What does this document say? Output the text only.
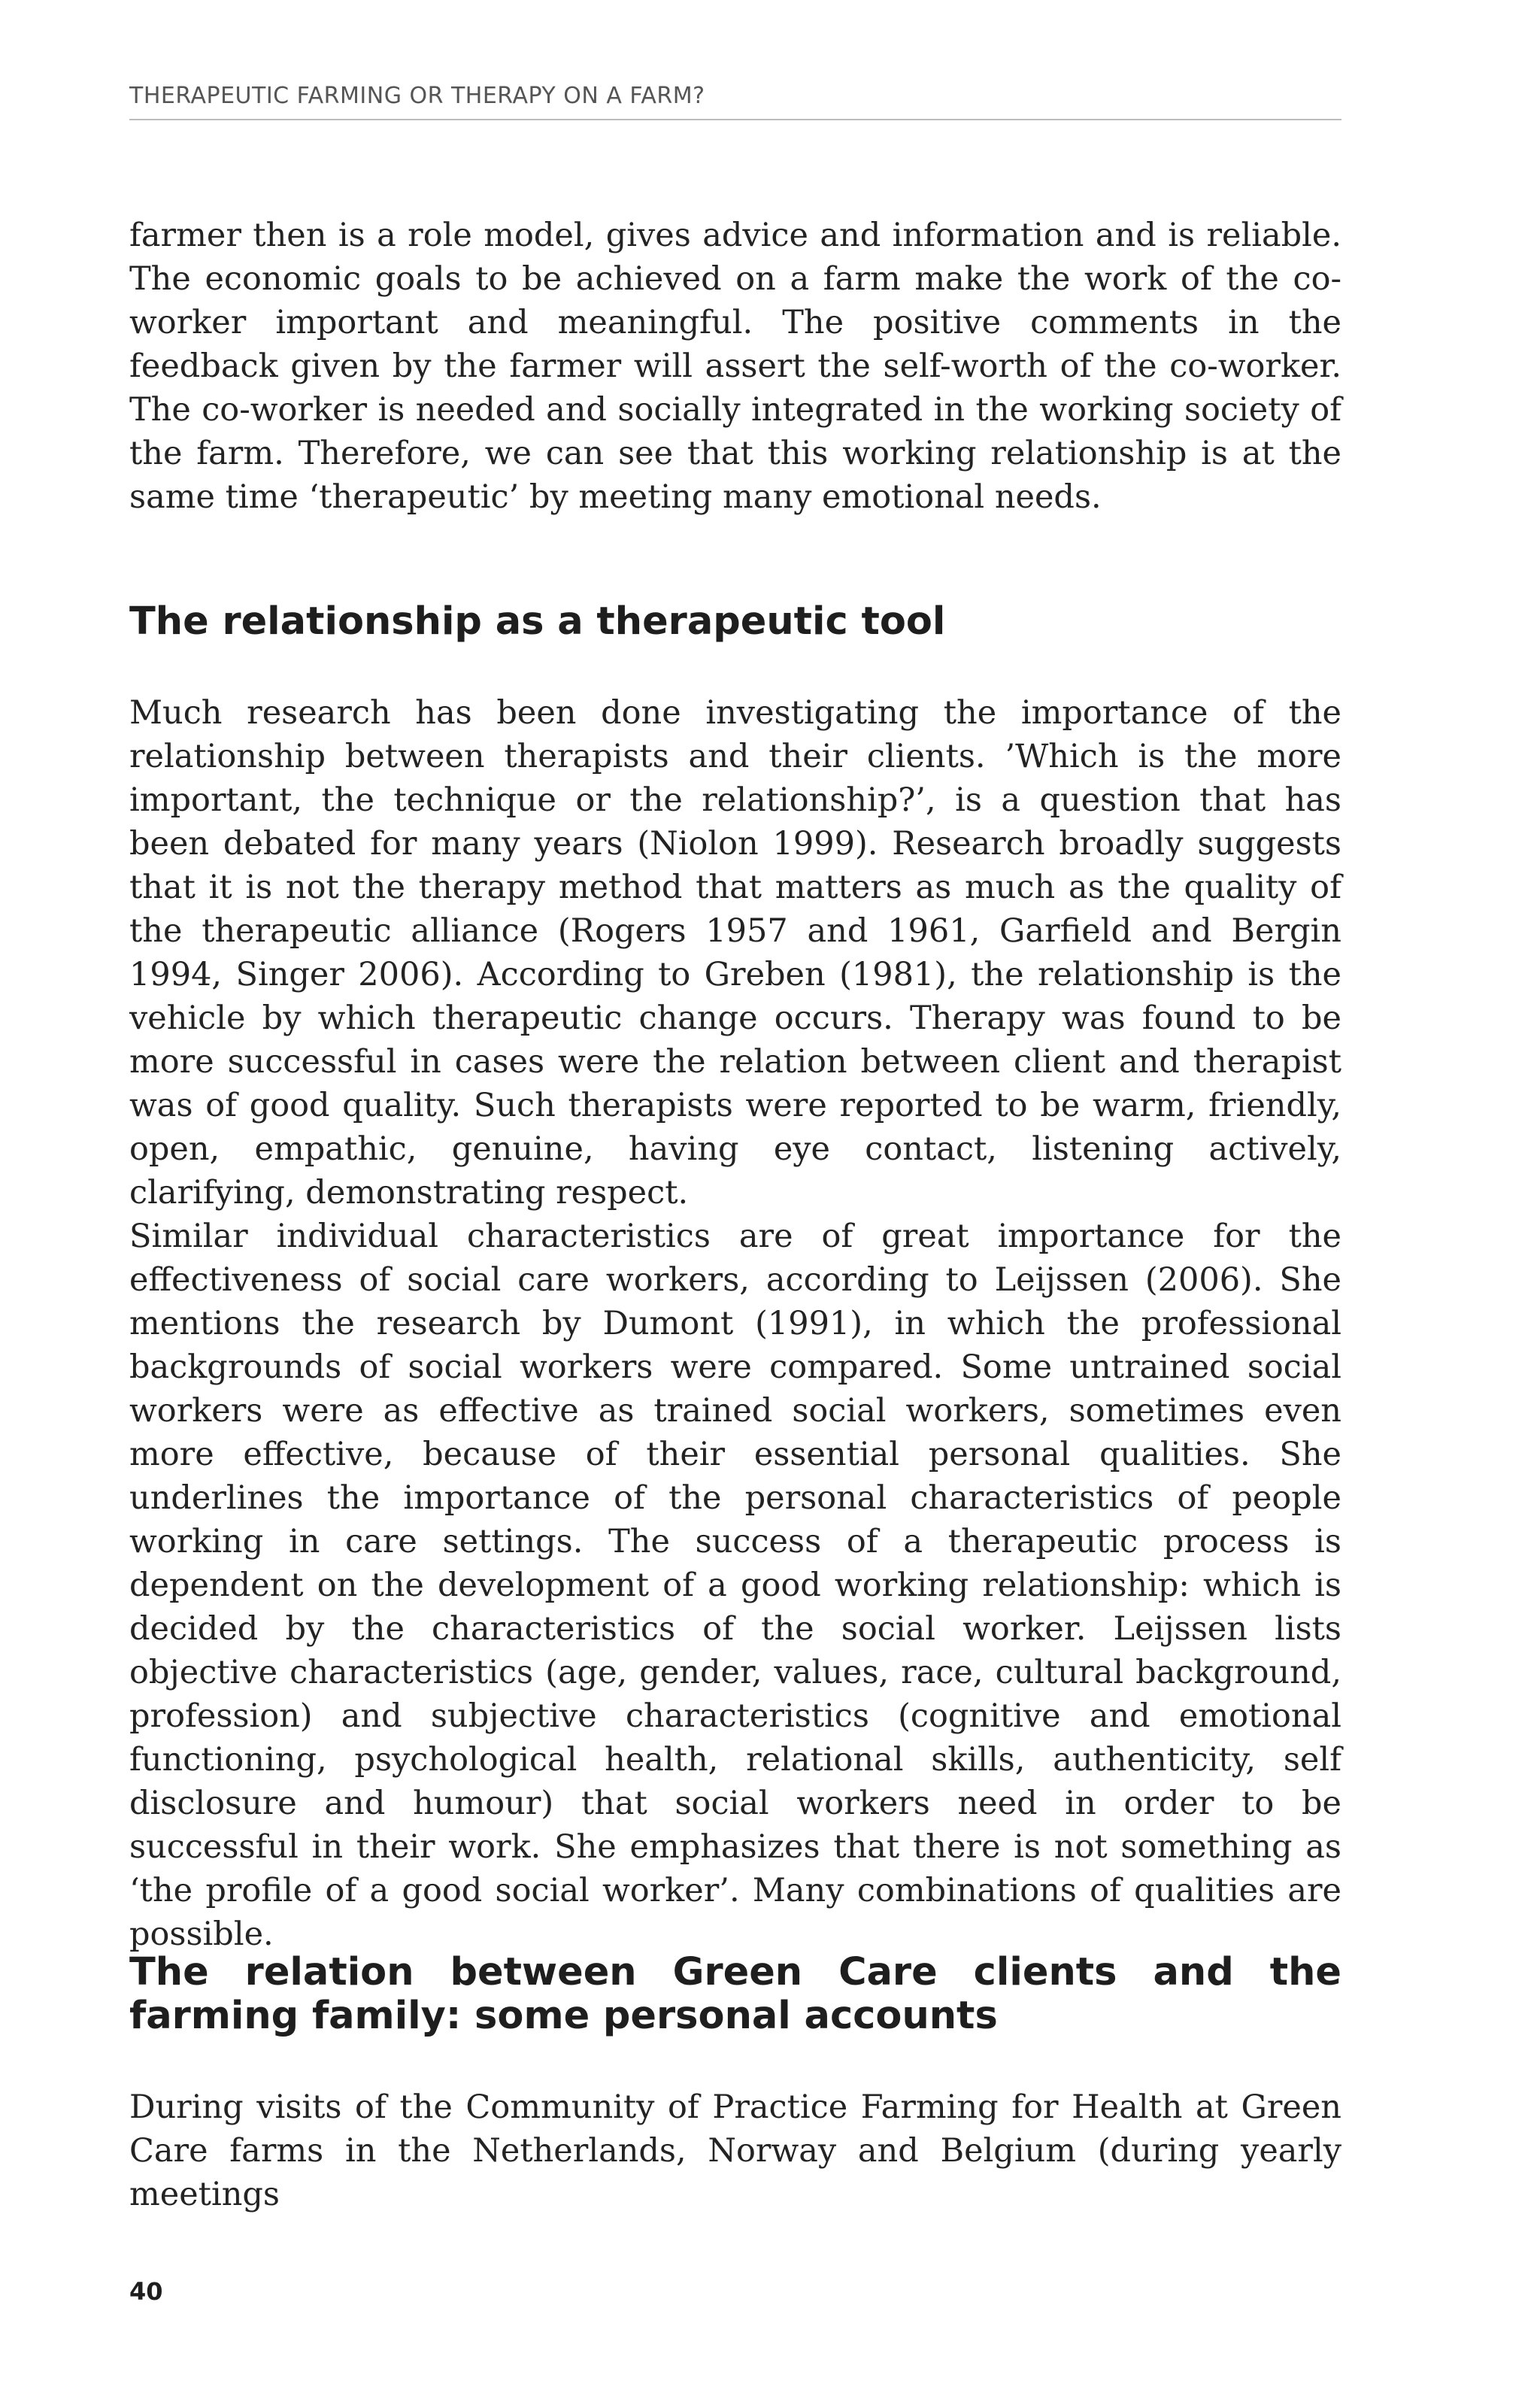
THERAPEUTIC FARMING OR THERAPY ON A FARM?

farmer then is a role model, gives advice and information and is reliable. The economic goals to be achieved on a farm make the work of the co-worker important and meaningful. The positive comments in the feedback given by the farmer will assert the self-worth of the co-worker. The co-worker is needed and socially integrated in the working society of the farm. Therefore, we can see that this working relationship is at the same time ‘therapeutic’ by meeting many emotional needs.

The relationship as a therapeutic tool

Much research has been done investigating the importance of the relationship between therapists and their clients. ’Which is the more important, the technique or the relationship?’, is a question that has been debated for many years (Niolon 1999). Research broadly suggests that it is not the therapy method that matters as much as the quality of the therapeutic alliance (Rogers 1957 and 1961, Garfield and Bergin 1994, Singer 2006). According to Greben (1981), the relationship is the vehicle by which therapeutic change occurs. Therapy was found to be more successful in cases were the relation between client and therapist was of good quality. Such therapists were reported to be warm, friendly, open, empathic, genuine, having eye contact, listening actively, clarifying, demonstrating respect.

Similar individual characteristics are of great importance for the effectiveness of social care workers, according to Leijssen (2006). She mentions the research by Dumont (1991), in which the professional backgrounds of social workers were compared. Some untrained social workers were as effective as trained social workers, sometimes even more effective, because of their essential personal qualities. She underlines the importance of the personal characteristics of people working in care settings. The success of a therapeutic process is dependent on the development of a good working relationship: which is decided by the characteristics of the social worker. Leijssen lists objective characteristics (age, gender, values, race, cultural background, profession) and subjective characteristics (cognitive and emotional functioning, psychological health, relational skills, authenticity, self disclosure and humour) that social workers need in order to be successful in their work. She emphasizes that there is not something as ‘the profile of a good social worker’. Many combinations of qualities are possible.

The relation between Green Care clients and the farming family: some personal accounts

During visits of the Community of Practice Farming for Health at Green Care farms in the Netherlands, Norway and Belgium (during yearly meetings

40
